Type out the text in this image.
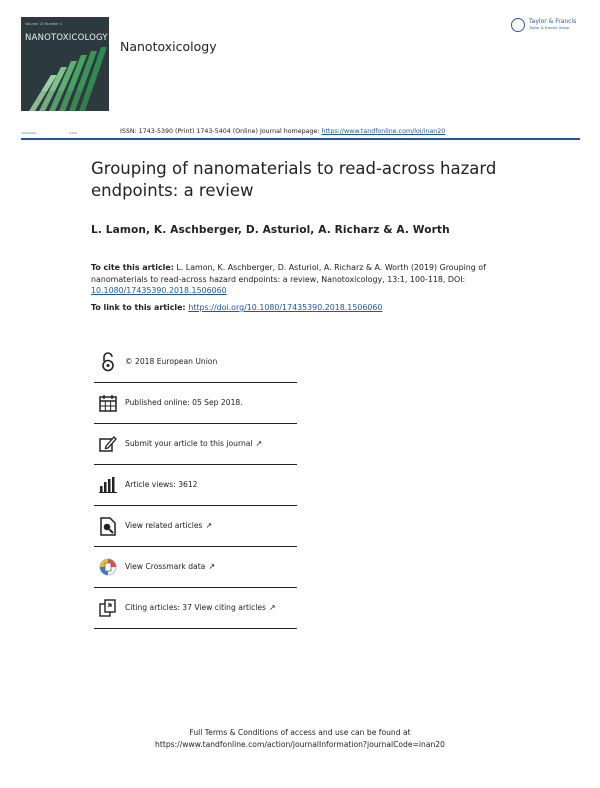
Volume 13 Number 1
NANOTOXICOLOGY
Nanotoxicology
Taylor & Francis
Taylor & Francis Group
▬▬▬▬▬	◦ ▬▬▬	ISSN: 1743-5390 (Print) 1743-5404 (Online) Journal homepage: https://www.tandfonline.com/loi/inan20
Grouping of nanomaterials to read-across hazard endpoints: a review
L. Lamon, K. Aschberger, D. Asturiol, A. Richarz & A. Worth
To cite this article: L. Lamon, K. Aschberger, D. Asturiol, A. Richarz & A. Worth (2019) Grouping of nanomaterials to read-across hazard endpoints: a review, Nanotoxicology, 13:1, 100-118, DOI: 10.1080/17435390.2018.1506060
To link to this article: https://doi.org/10.1080/17435390.2018.1506060
© 2018 European Union
Published online: 05 Sep 2018.
Submit your article to this journal ↗
Article views: 3612
View related articles ↗
View Crossmark data ↗
Citing articles: 37 View citing articles ↗
Full Terms & Conditions of access and use can be found at
https://www.tandfonline.com/action/journalInformation?journalCode=inan20
